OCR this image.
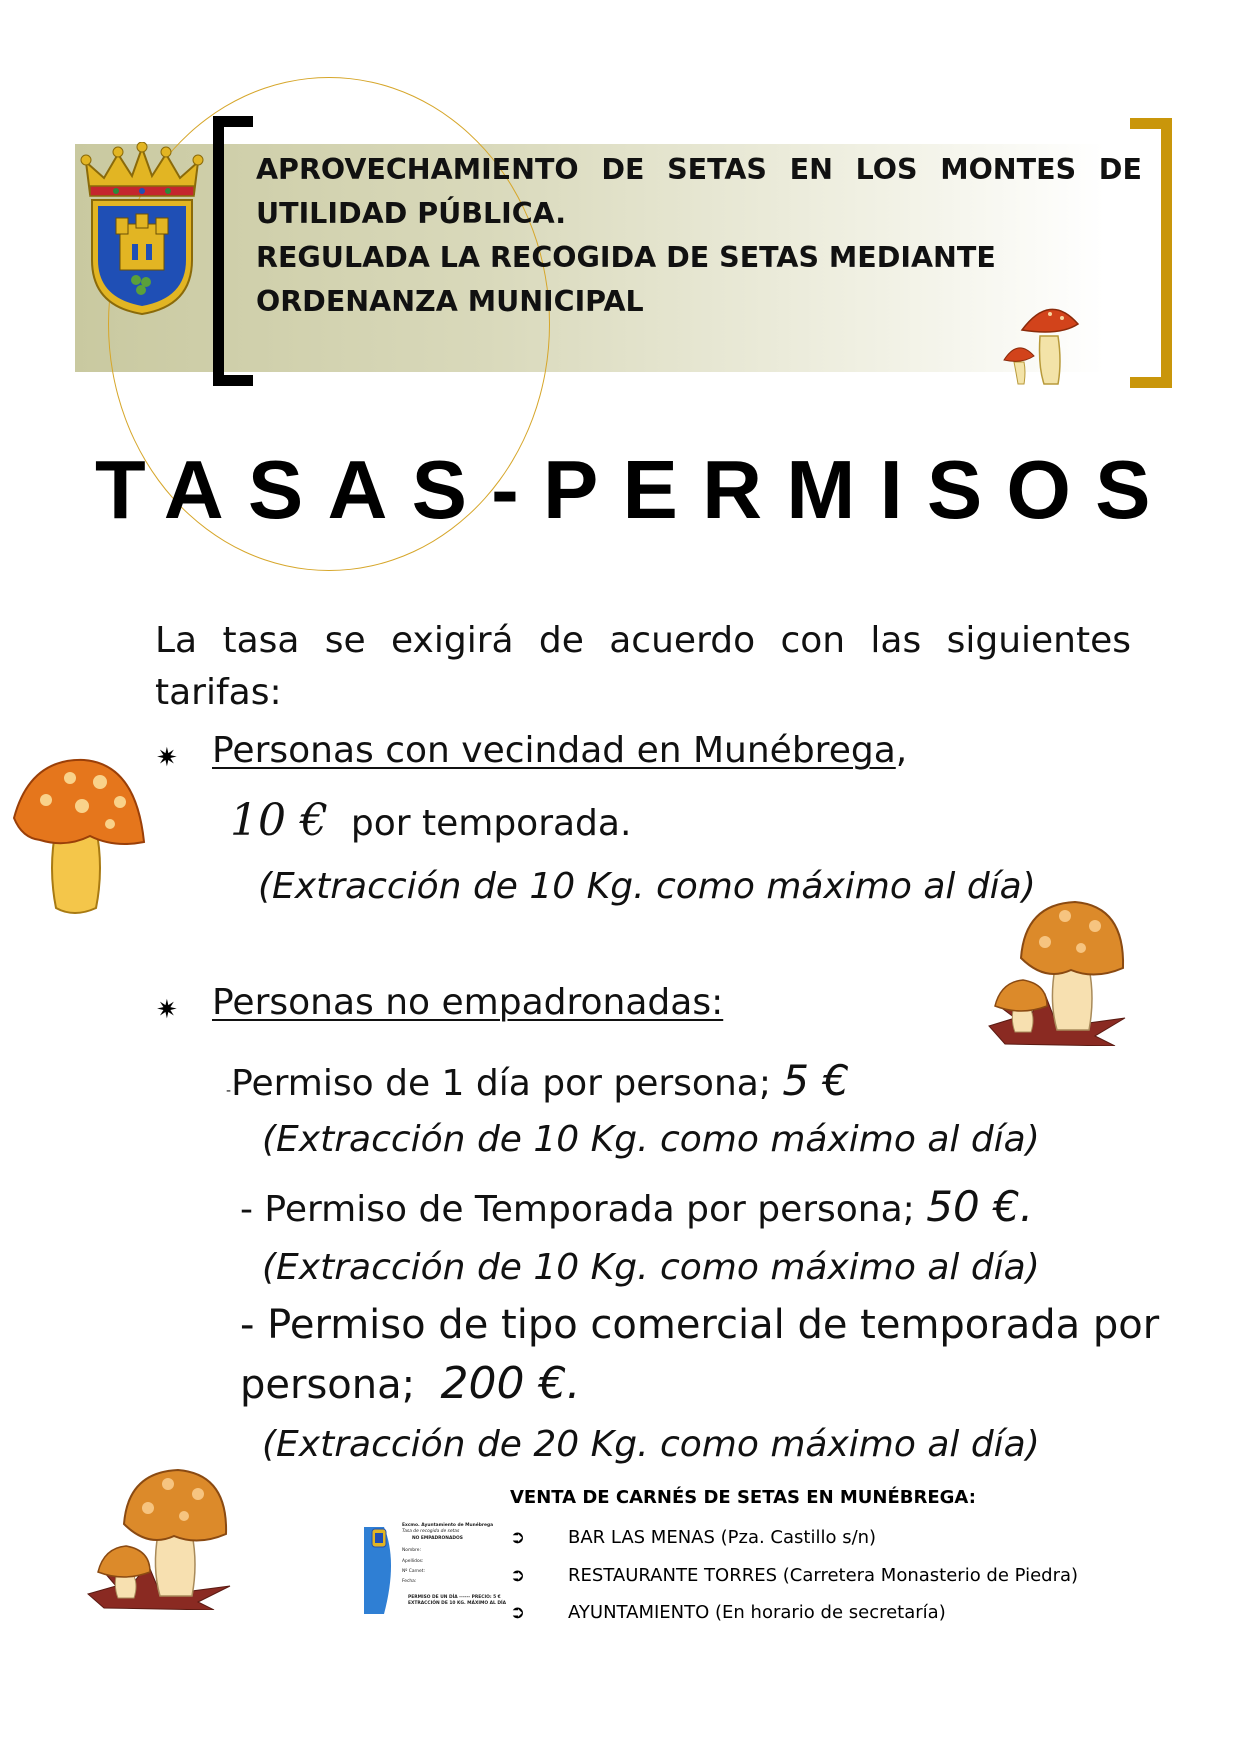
APROVECHAMIENTO DE SETAS EN LOS MONTES DE
UTILIDAD PÚBLICA.
REGULADA LA RECOGIDA DE SETAS MEDIANTE
ORDENANZA MUNICIPAL
TASAS-PERMISOS
La tasa se exigirá de acuerdo con las siguientes tarifas:
✷ Personas con vecindad en Munébrega,
10 € por temporada.
(Extracción de 10 Kg. como máximo al día)
✷ Personas no empadronadas:
-Permiso de 1 día por persona; 5 €
(Extracción de 10 Kg. como máximo al día)
- Permiso de Temporada por persona; 50 €.
(Extracción de 10 Kg. como máximo al día)
- Permiso de tipo comercial de temporada por
persona; 200 €.
(Extracción de 20 Kg. como máximo al día)
Excmo. Ayuntamiento de Munébrega
Tasa de recogida de setas
NO EMPADRONADOS
Nombre:
Apellidos:
Nº Carnet:
Fecha:
PERMISO DE UN DÍA ------ PRECIO: 5 €
EXTRACCIÓN DE 10 KG. MÁXIMO AL DÍA
VENTA DE CARNÉS DE SETAS EN MUNÉBREGA:
➲ BAR LAS MENAS (Pza. Castillo s/n)
➲ RESTAURANTE TORRES (Carretera Monasterio de Piedra)
➲ AYUNTAMIENTO (En horario de secretaría)
